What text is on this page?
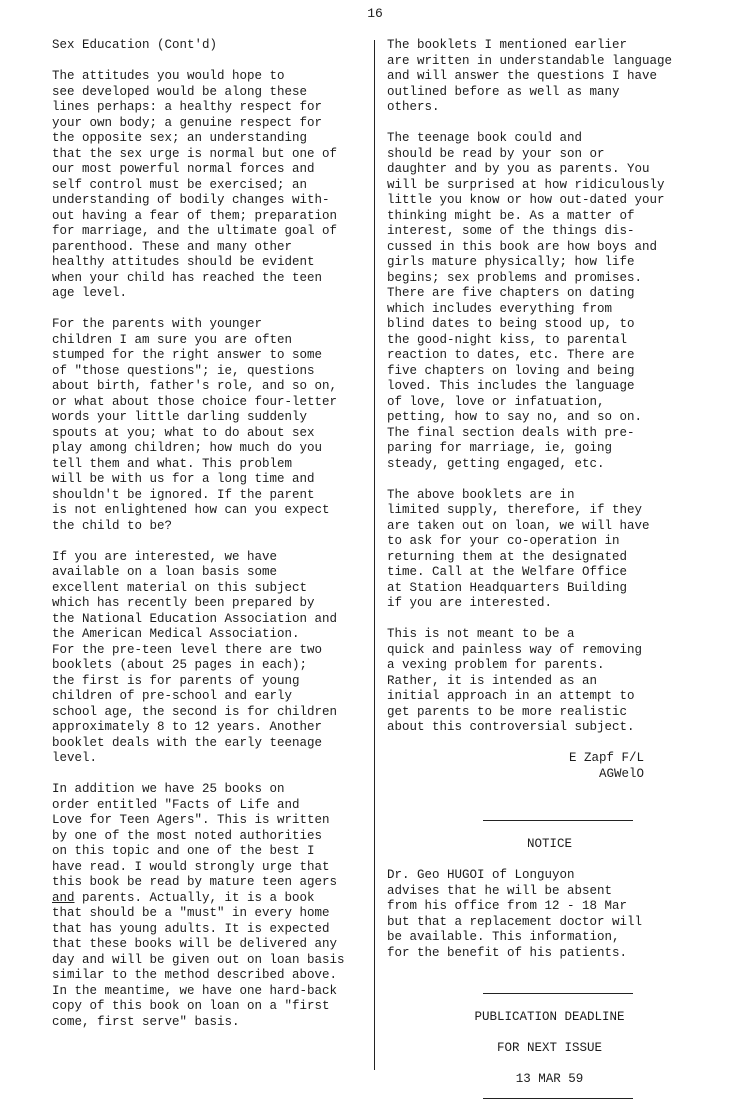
16
Sex Education (Cont'd)

The attitudes you would hope to
see developed would be along these
lines perhaps: a healthy respect for
your own body; a genuine respect for
the opposite sex; an understanding
that the sex urge is normal but one of
our most powerful normal forces and
self control must be exercised; an
understanding of bodily changes with-
out having a fear of them; preparation
for marriage, and the ultimate goal of
parenthood. These and many other
healthy attitudes should be evident
when your child has reached the teen
age level.

For the parents with younger
children I am sure you are often
stumped for the right answer to some
of "those questions"; ie, questions
about birth, father's role, and so on,
or what about those choice four-letter
words your little darling suddenly
spouts at you; what to do about sex
play among children; how much do you
tell them and what. This problem
will be with us for a long time and
shouldn't be ignored. If the parent
is not enlightened how can you expect
the child to be?

If you are interested, we have
available on a loan basis some
excellent material on this subject
which has recently been prepared by
the National Education Association and
the American Medical Association.
For the pre-teen level there are two
booklets (about 25 pages in each);
the first is for parents of young
children of pre-school and early
school age, the second is for children
approximately 8 to 12 years. Another
booklet deals with the early teenage
level.

In addition we have 25 books on
order entitled "Facts of Life and
Love for Teen Agers". This is written
by one of the most noted authorities
on this topic and one of the best I
have read. I would strongly urge that
this book be read by mature teen agers
and parents. Actually, it is a book
that should be a "must" in every home
that has young adults. It is expected
that these books will be delivered any
day and will be given out on loan basis
similar to the method described above.
In the meantime, we have one hard-back
copy of this book on loan on a "first
come, first serve" basis.

The booklets I mentioned earlier
are written in understandable language
and will answer the questions I have
outlined before as well as many
others.

The teenage book could and
should be read by your son or
daughter and by you as parents. You
will be surprised at how ridiculously
little you know or how out-dated your
thinking might be. As a matter of
interest, some of the things dis-
cussed in this book are how boys and
girls mature physically; how life
begins; sex problems and promises.
There are five chapters on dating
which includes everything from
blind dates to being stood up, to
the good-night kiss, to parental
reaction to dates, etc. There are
five chapters on loving and being
loved. This includes the language
of love, love or infatuation,
petting, how to say no, and so on.
The final section deals with pre-
paring for marriage, ie, going
steady, getting engaged, etc.

The above booklets are in
limited supply, therefore, if they
are taken out on loan, we will have
to ask for your co-operation in
returning them at the designated
time. Call at the Welfare Office
at Station Headquarters Building
if you are interested.

This is not meant to be a
quick and painless way of removing
a vexing problem for parents.
Rather, it is intended as an
initial approach in an attempt to
get parents to be more realistic
about this controversial subject.

E Zapf F/L

AGWelO

NOTICE

Dr. Geo HUGOI of Longuyon
advises that he will be absent
from his office from 12 - 18 Mar
but that a replacement doctor will
be available. This information,
for the benefit of his patients.

PUBLICATION DEADLINE

FOR NEXT ISSUE

13 MAR 59
